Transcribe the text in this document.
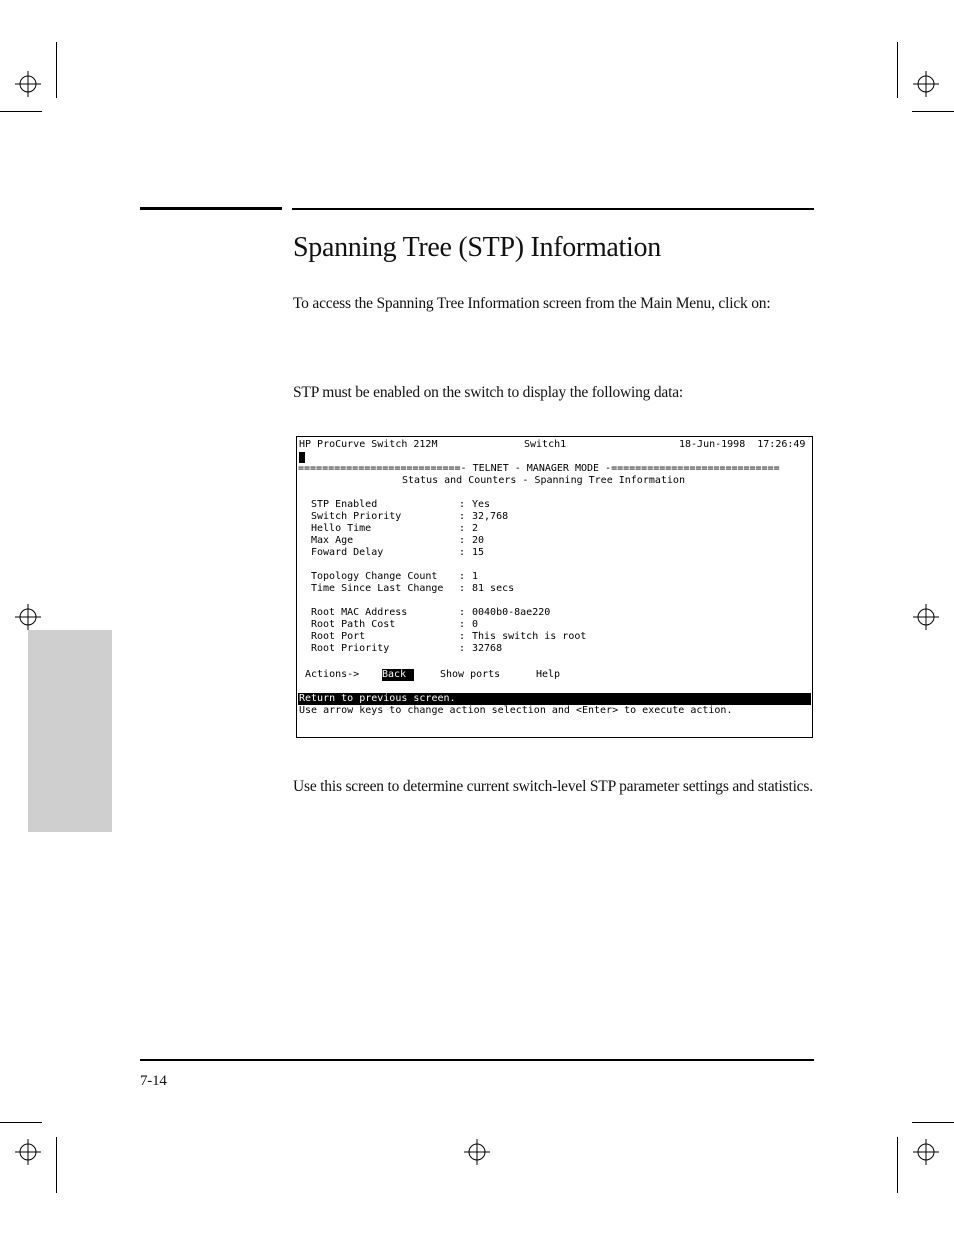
Spanning Tree (STP) Information

To access the Spanning Tree Information screen from the Main Menu, click on:

STP must be enabled on the switch to display the following data:

HP ProCurve Switch 212M	Switch1	18-Jun-1998  17:26:49
===========================- TELNET - MANAGER MODE -============================
Status and Counters - Spanning Tree Information
STP Enabled	: Yes
Switch Priority	: 32,768
Hello Time	: 2
Max Age	: 20
Foward Delay	: 15
Topology Change Count : 1
Time Since Last Change : 81 secs
Root MAC Address	: 0040b0-8ae220
Root Path Cost	: 0
Root Port	: This switch is root
Root Priority	: 32768
Actions-> Back	Show ports	Help
Return to previous screen.
Use arrow keys to change action selection and <Enter> to execute action.

Use this screen to determine current switch-level STP parameter settings and statistics.

7-14
